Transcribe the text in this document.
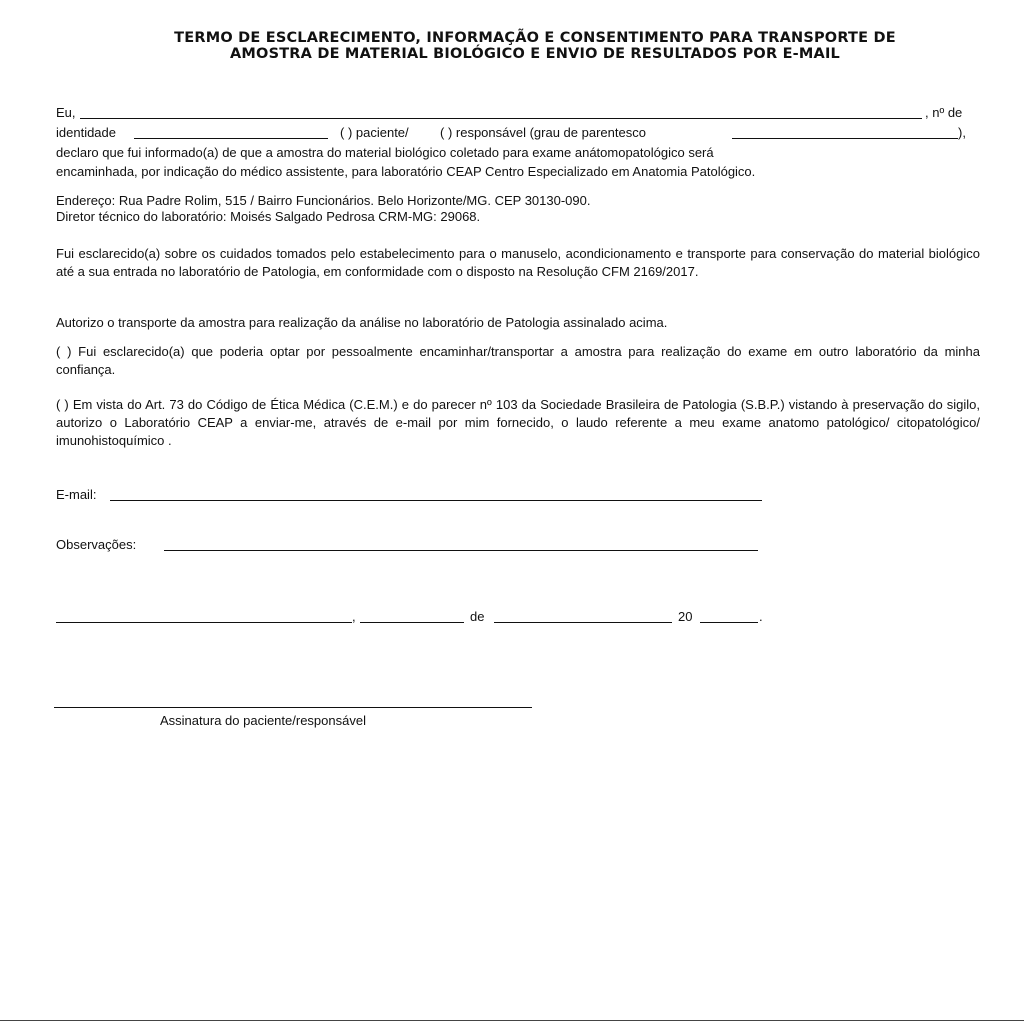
TERMO DE ESCLARECIMENTO, INFORMAÇÃO E CONSENTIMENTO PARA TRANSPORTE DE
AMOSTRA DE MATERIAL BIOLÓGICO E ENVIO DE RESULTADOS POR E-MAIL
Eu,	, nº de
identidade	( ) paciente/ ( ) responsável (grau de parentesco	),
declaro que fui informado(a) de que a amostra do material biológico coletado para exame anátomopatológico será
encaminhada, por indicação do médico assistente, para laboratório CEAP Centro Especializado em Anatomia Patológico.
Endereço: Rua Padre Rolim, 515 / Bairro Funcionários. Belo Horizonte/MG. CEP 30130-090.
Diretor técnico do laboratório: Moisés Salgado Pedrosa CRM-MG: 29068.
Fui esclarecido(a) sobre os cuidados tomados pelo estabelecimento para o manuselo, acondicionamento e transporte para conservação do material biológico até a sua entrada no laboratório de Patologia, em conformidade com o disposto na Resolução CFM 2169/2017.
Autorizo o transporte da amostra para realização da análise no laboratório de Patologia assinalado acima.
( ) Fui esclarecido(a) que poderia optar por pessoalmente encaminhar/transportar a amostra para realização do exame em outro laboratório da minha confiança.
( ) Em vista do Art. 73 do Código de Ética Médica (C.E.M.) e do parecer nº 103 da Sociedade Brasileira de Patologia (S.B.P.) vistando à preservação do sigilo, autorizo o Laboratório CEAP a enviar-me, através de e-mail por mim fornecido, o laudo referente a meu exame anatomo patológico/ citopatológico/ imunohistoquímico .
E-mail:
Observações:
,	de	20	.
Assinatura do paciente/responsável
